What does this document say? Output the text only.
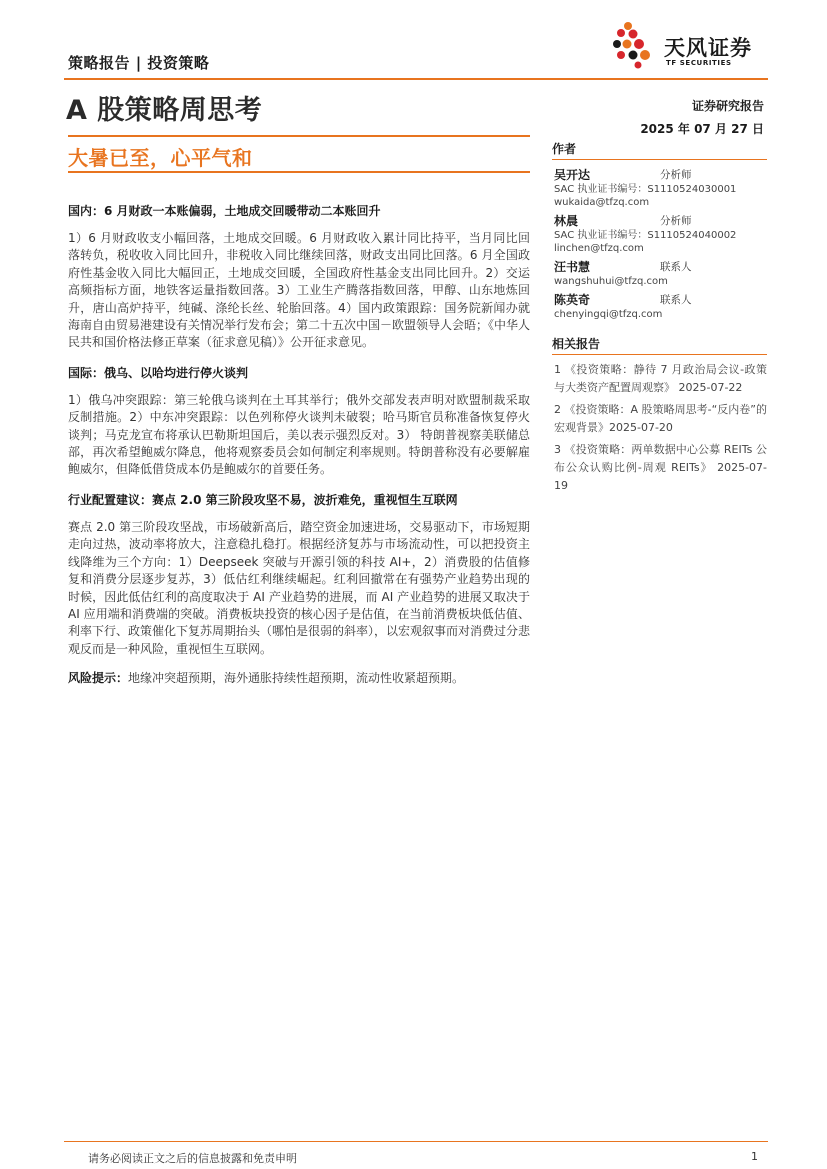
策略报告 | 投资策略
天风证券
TF SECURITIES
A 股策略周思考	证券研究报告
2025 年 07 月 27 日
大暑已至，心平气和
国内：6 月财政一本账偏弱，土地成交回暖带动二本账回升

1）6 月财政收支小幅回落，土地成交回暖。6 月财政收入累计同比持平，当月同比回落转负，税收收入同比回升，非税收入同比继续回落，财政支出同比回落。6 月全国政府性基金收入同比大幅回正，土地成交回暖，全国政府性基金支出同比回升。2）交运高频指标方面，地铁客运量指数回落。3）工业生产腾落指数回落，甲醇、山东地炼回升，唐山高炉持平，纯碱、涤纶长丝、轮胎回落。4）国内政策跟踪：国务院新闻办就海南自由贸易港建设有关情况举行发布会；第二十五次中国－欧盟领导人会晤；《中华人民共和国价格法修正草案（征求意见稿）》公开征求意见。

国际：俄乌、以哈均进行停火谈判

1）俄乌冲突跟踪：第三轮俄乌谈判在土耳其举行；俄外交部发表声明对欧盟制裁采取反制措施。2）中东冲突跟踪：以色列称停火谈判未破裂；哈马斯官员称准备恢复停火谈判；马克龙宣布将承认巴勒斯坦国后，美以表示强烈反对。3） 特朗普视察美联储总部，再次希望鲍威尔降息，他将观察委员会如何制定利率规则。特朗普称没有必要解雇鲍威尔，但降低借贷成本仍是鲍威尔的首要任务。

行业配置建议：赛点 2.0 第三阶段攻坚不易，波折难免，重视恒生互联网

赛点 2.0 第三阶段攻坚战，市场破新高后，踏空资金加速进场，交易驱动下，市场短期走向过热，波动率将放大，注意稳扎稳打。根据经济复苏与市场流动性，可以把投资主线降维为三个方向：1）Deepseek 突破与开源引领的科技 AI+，2）消费股的估值修复和消费分层逐步复苏，3）低估红利继续崛起。红利回撤常在有强势产业趋势出现的时候，因此低估红利的高度取决于 AI 产业趋势的进展，而 AI 产业趋势的进展又取决于 AI 应用端和消费端的突破。消费板块投资的核心因子是估值，在当前消费板块低估值、利率下行、政策催化下复苏周期抬头（哪怕是很弱的斜率），以宏观叙事而对消费过分悲观反而是一种风险，重视恒生互联网。

风险提示：地缘冲突超预期，海外通胀持续性超预期，流动性收紧超预期。

作者
吴开达	分析师
SAC 执业证书编号：S1110524030001
wukaida@tfzq.com
林晨	分析师
SAC 执业证书编号：S1110524040002
linchen@tfzq.com
汪书慧	联系人
wangshuhui@tfzq.com
陈英奇	联系人
chenyingqi@tfzq.com
相关报告
1 《投资策略：静待 7 月政治局会议-政策与大类资产配置周观察》 2025-07-22
2 《投资策略：A 股策略周思考-“反内卷”的宏观背景》2025-07-20
3 《投资策略：两单数据中心公募 REITs 公布公众认购比例-周观 REITs》 2025-07-19
请务必阅读正文之后的信息披露和免责申明	1
